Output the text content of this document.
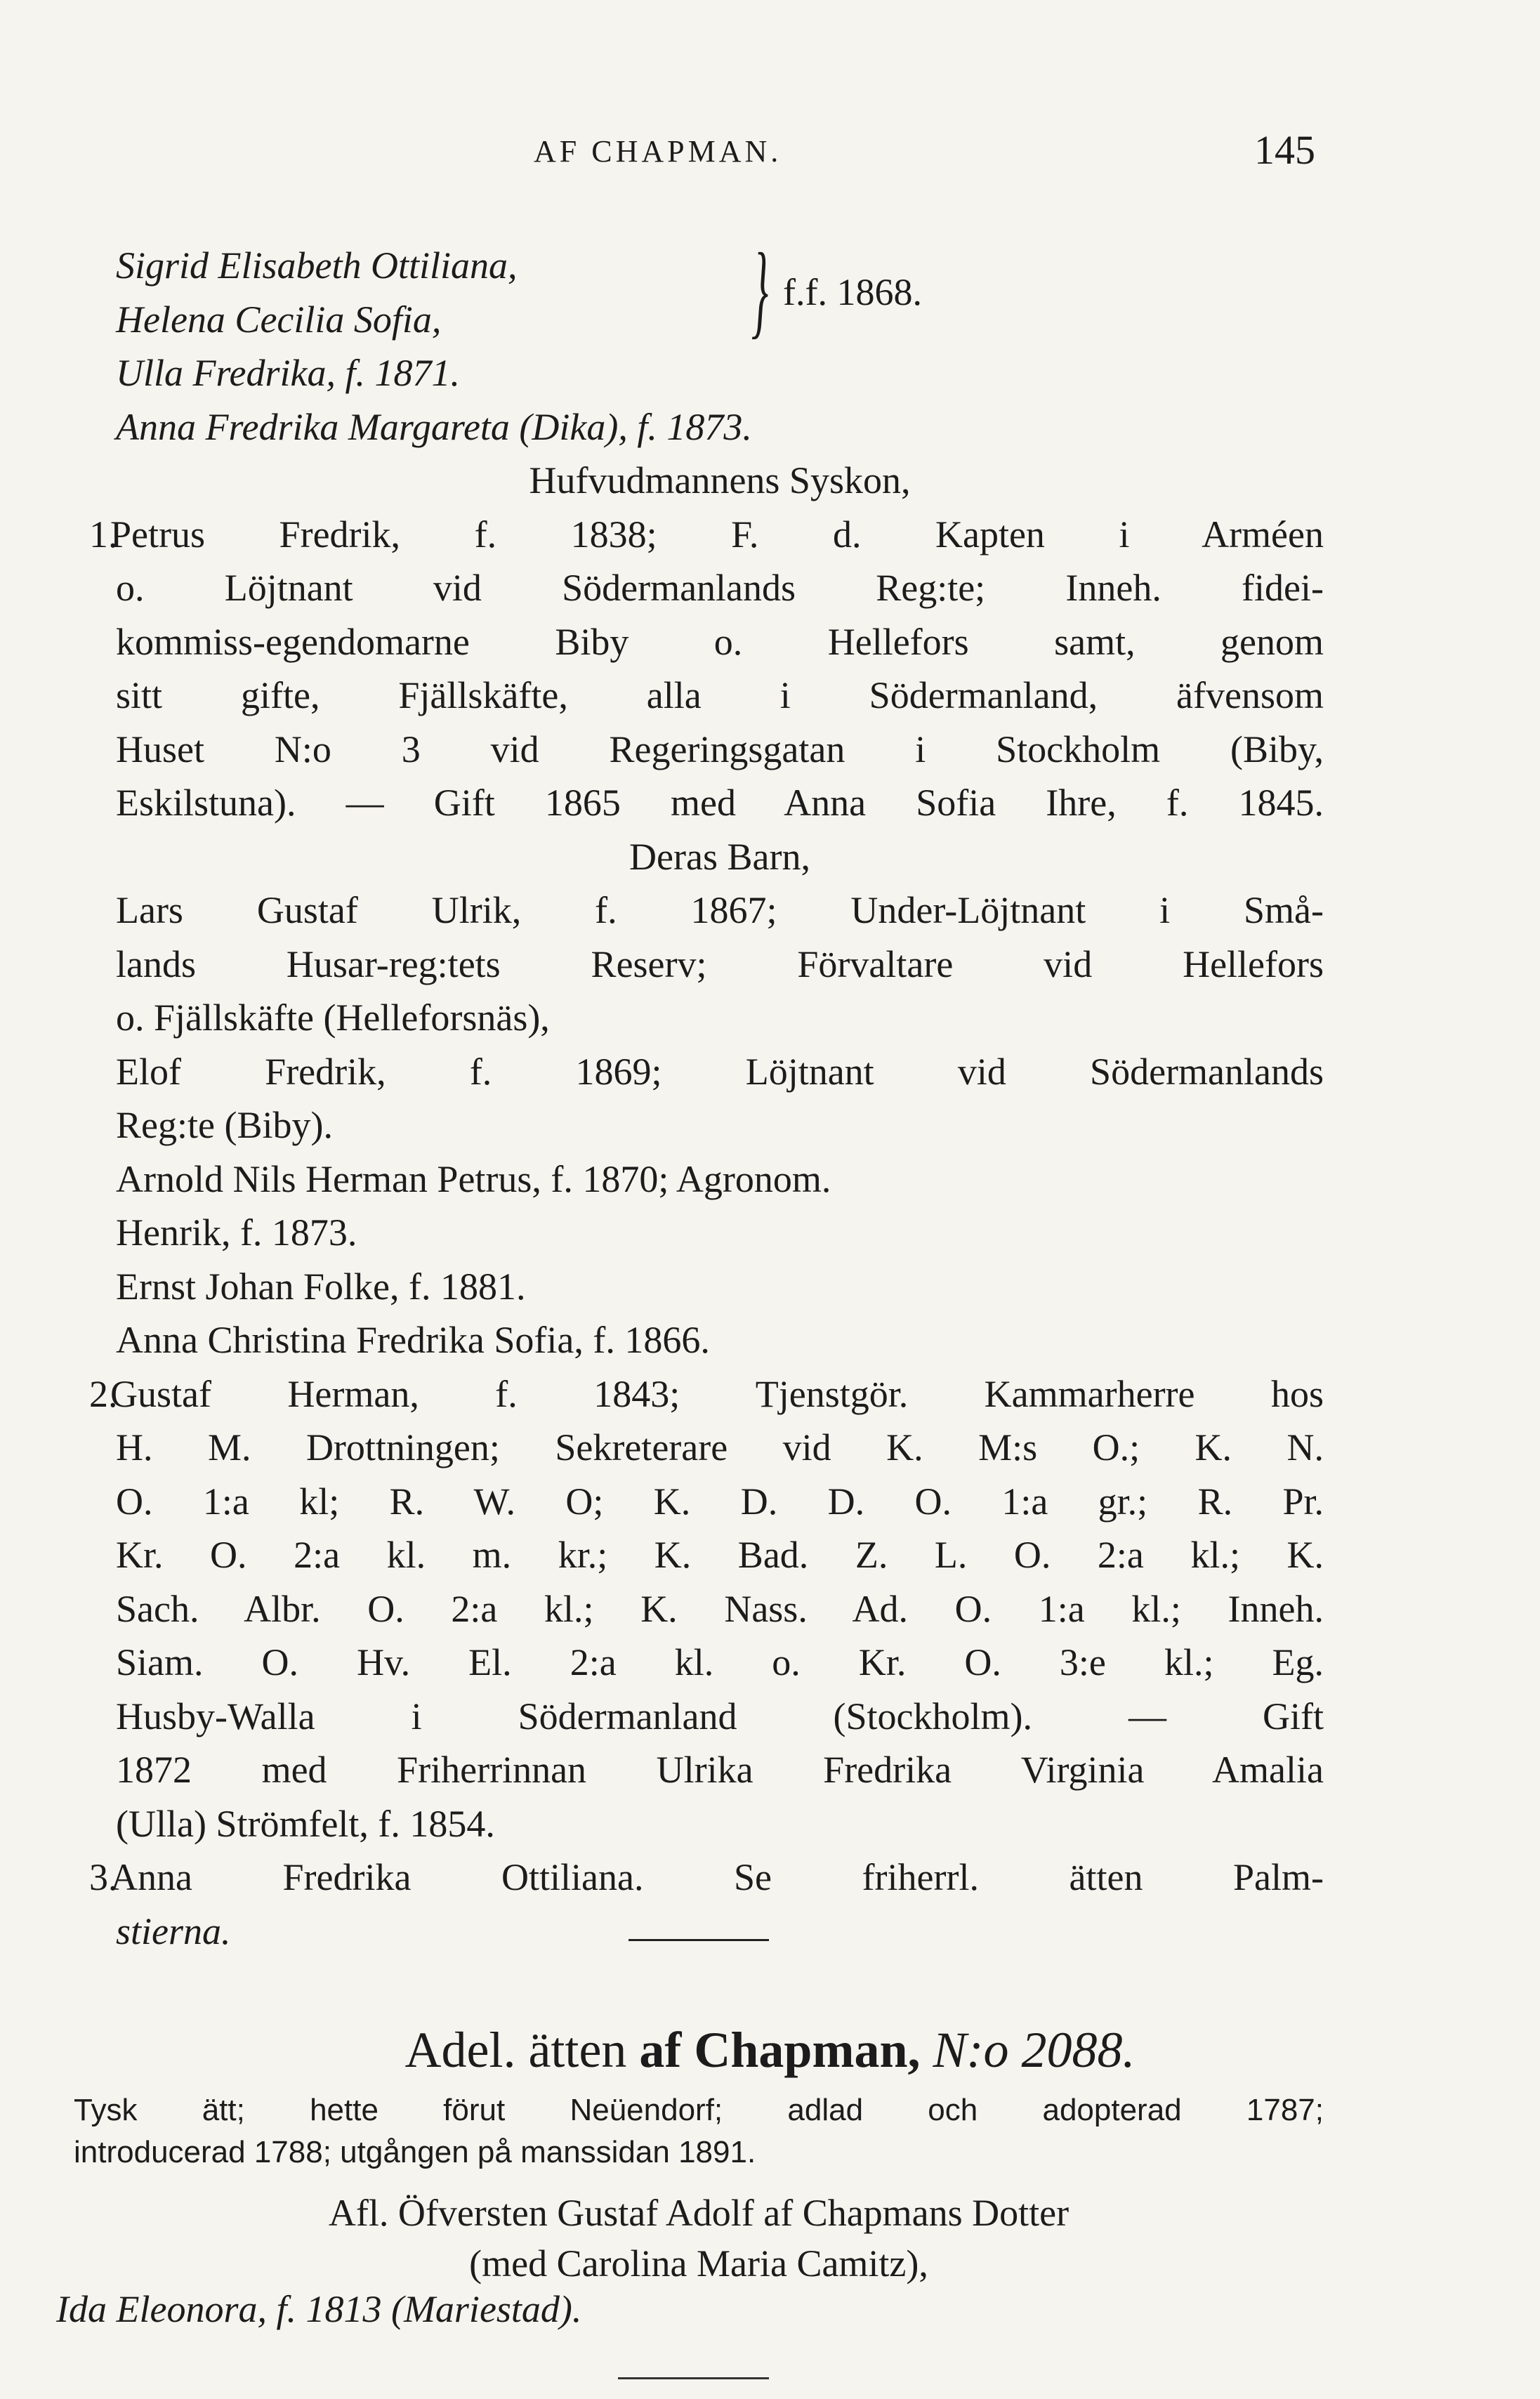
AF CHAPMAN.	145
Sigrid Elisabeth Ottiliana,
Helena Cecilia Sofia,	} f.f. 1868.
Ulla Fredrika, f. 1871.
Anna Fredrika Margareta (Dika), f. 1873.
Hufvudmannens Syskon,
1.Petrus Fredrik, f. 1838; F. d. Kapten i Arméen
o. Löjtnant vid Södermanlands Reg:te; Inneh. fidei-
kommiss-egendomarne Biby o. Hellefors samt, genom
sitt gifte, Fjällskäfte, alla i Södermanland, äfvensom
Huset N:o 3 vid Regeringsgatan i Stockholm (Biby,
Eskilstuna). — Gift 1865 med Anna Sofia Ihre, f. 1845.
Deras Barn,
Lars Gustaf Ulrik, f. 1867; Under-Löjtnant i Små-
lands Husar-reg:tets Reserv; Förvaltare vid Hellefors
o. Fjällskäfte (Helleforsnäs),
Elof Fredrik, f. 1869; Löjtnant vid Södermanlands
Reg:te (Biby).
Arnold Nils Herman Petrus, f. 1870; Agronom.
Henrik, f. 1873.
Ernst Johan Folke, f. 1881.
Anna Christina Fredrika Sofia, f. 1866.
2.Gustaf Herman, f. 1843; Tjenstgör. Kammarherre hos
H. M. Drottningen; Sekreterare vid K. M:s O.; K. N.
O. 1:a kl; R. W. O; K. D. D. O. 1:a gr.; R. Pr.
Kr. O. 2:a kl. m. kr.; K. Bad. Z. L. O. 2:a kl.; K.
Sach. Albr. O. 2:a kl.; K. Nass. Ad. O. 1:a kl.; Inneh.
Siam. O. Hv. El. 2:a kl. o. Kr. O. 3:e kl.; Eg.
Husby-Walla i Södermanland (Stockholm). — Gift
1872 med Friherrinnan Ulrika Fredrika Virginia Amalia
(Ulla) Strömfelt, f. 1854.
3.Anna Fredrika Ottiliana. Se friherrl. ätten Palm-
stierna.
Adel. ätten af Chapman, N:o 2088.
Tysk ätt; hette förut Neüendorf; adlad och adopterad 1787;
introducerad 1788; utgången på manssidan 1891.
Afl. Öfversten Gustaf Adolf af Chapmans Dotter
(med Carolina Maria Camitz),
Ida Eleonora, f. 1813 (Mariestad).
